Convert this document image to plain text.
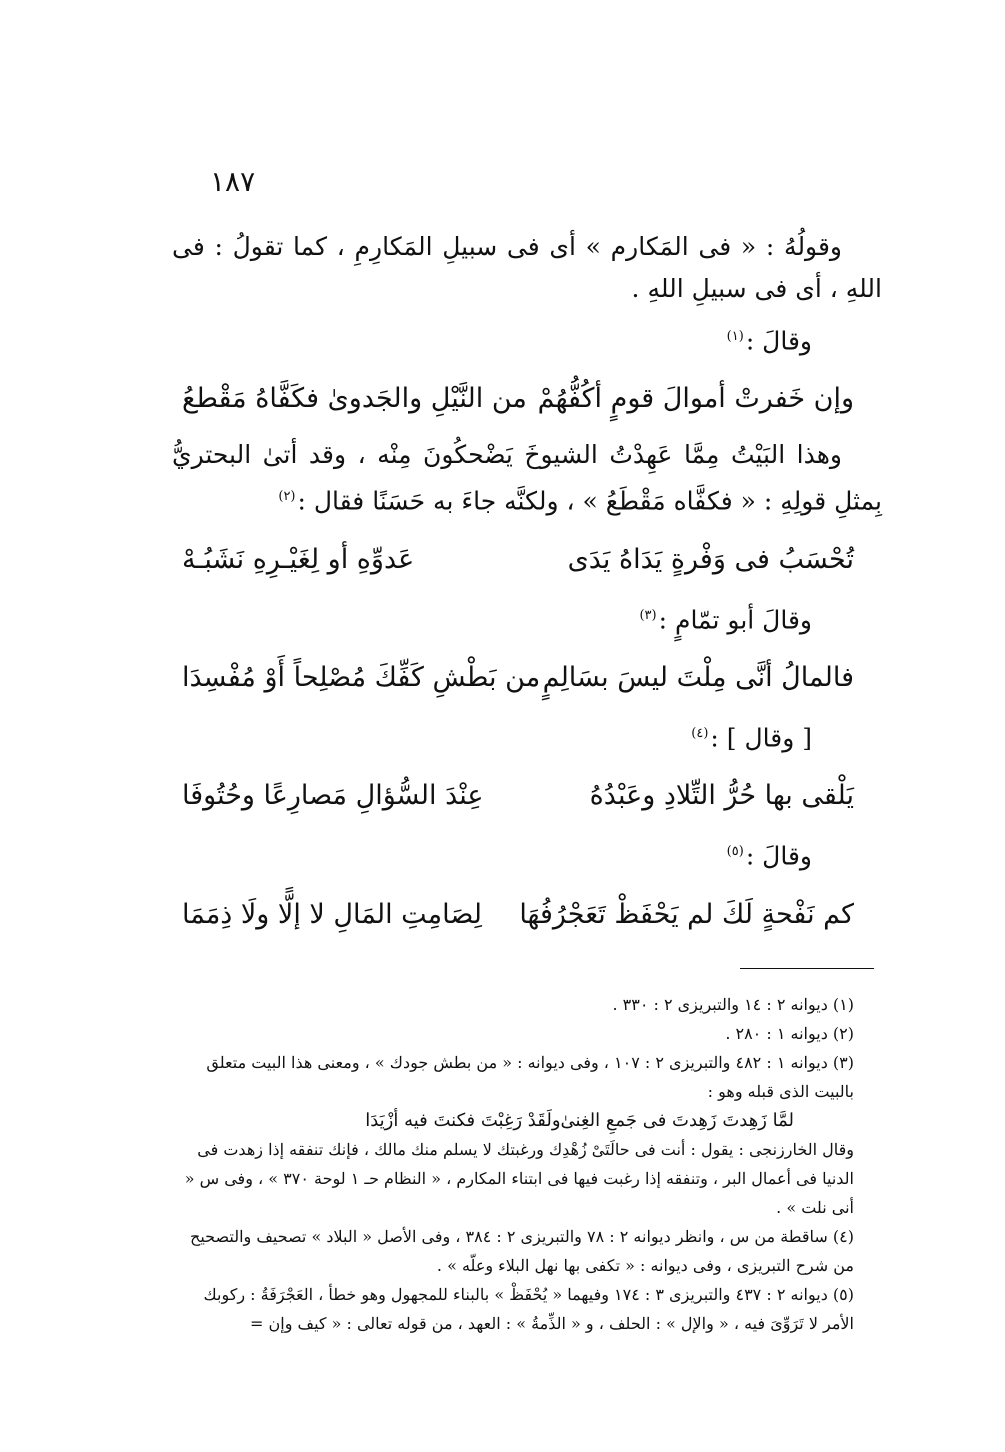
١٨٧

وقولُهُ : « فى المَكارم » أى فى سبيلِ المَكارِمِ ، كما تقولُ : فى اللهِ ، أى فى سبيلِ اللهِ .

وقالَ :$^{(١)}$
وإن خَفرتْ أموالَ قومٍ أكُفُّهُمْ
من النَّيْلِ والجَدوىٰ فكَفَّاهُ مَقْطعُ

وهذا البَيْتُ مِمَّا عَهِدْتُ الشيوخَ يَضْحكُونَ مِنْه ، وقد أتىٰ البحتريُّ بِمثلِ قولِهِ : « فكفَّاه مَقْطَعُ » ، ولكنَّه جاءَ به حَسَنًا فقال :$^{(٢)}$

تُحْسَبُ فى وَفْرةٍ يَدَاهُ يَدَى
عَدوِّهِ أو لِغَيْـرِهِ نَشَبُـهْ
وقالَ أبو تمّامٍ :$^{(٣)}$
فالمالُ أنَّى مِلْتَ ليسَ بسَالِمٍ
من بَطْشِ كَفِّكَ مُصْلِحاً أَوْ مُفْسِدَا
[ وقال ] :$^{(٤)}$
يَلْقى بها حُرُّ التِّلادِ وعَبْدُهُ
عِنْدَ السُّؤالِ مَصارِعًا وحُتُوفَا
وقالَ :$^{(٥)}$
كم نَفْحةٍ لَكَ لم يَحْفَظْ تَعَجْرُفُهَا
لِصَامِتِ المَالِ لا إلًّا ولَا ذِمَمَا

(١) ديوانه ٢ : ١٤ والتبريزى ٢ : ٣٣٠ .

(٢) ديوانه ١ : ٢٨٠ .

(٣) ديوانه ١ : ٤٨٢ والتبريزى ٢ : ١٠٧ ، وفى ديوانه : « من بطش جودك » ، ومعنى هذا البيت متعلق بالبيت الذى قبله وهو :

لمَّا زَهِدتَ زَهِدتَ فى جَمعِ الغِنىٰ
ولَقَدْ رَغِبْتَ فكنتَ فيه أزْيَدَا

وقال الخارزنجى : يقول : أنت فى حالَتَىْ زُهْدِك ورغبتك لا يسلم منك مالك ، فإنك تنفقه إذا زهدت فى الدنيا فى أعمال البر ، وتنفقه إذا رغبت فيها فى ابتناء المكارم ، « النظام حـ ١ لوحة ٣٧٠ » ، وفى س « أنى نلت » .

(٤) ساقطة من س ، وانظر ديوانه ٢ : ٧٨ والتبريزى ٢ : ٣٨٤ ، وفى الأصل « البلاد » تصحيف والتصحيح من شرح التبريزى ، وفى ديوانه : « تكفى بها نهل البلاء وعلّه » .

(٥) ديوانه ٢ : ٤٣٧ والتبريزى ٣ : ١٧٤ وفيهما « يُحْفَظْ » بالبناء للمجهول وهو خطأ ، العَجْرَفَةُ : ركوبك الأمر لا تَرَوِّىَ فيه ، « والإل » : الحلف ، و « الذِّمةُ » : العهد ، من قوله تعالى : « كيف وإن =
